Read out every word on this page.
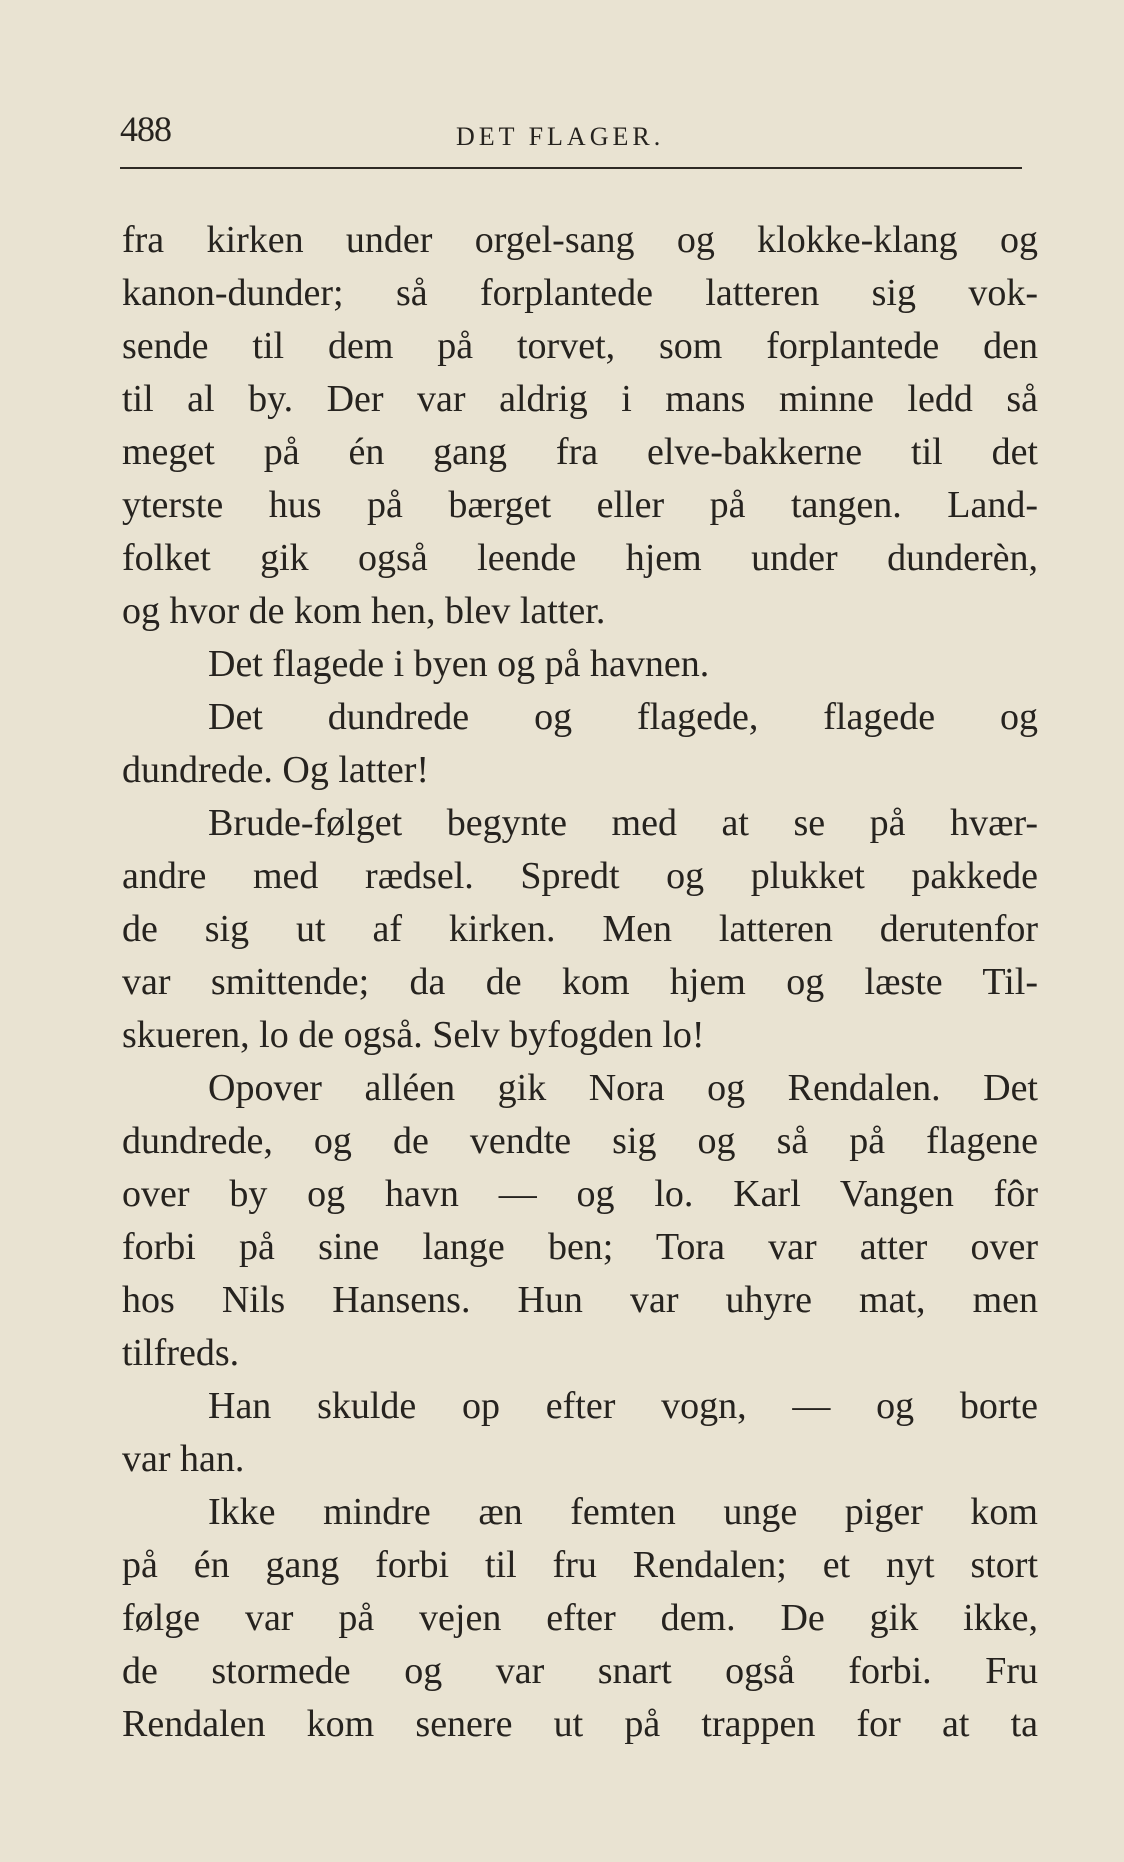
488	DET FLAGER.
fra kirken under orgel-sang og klokke-klang og
kanon-dunder; så forplantede latteren sig vok-
sende til dem på torvet, som forplantede den
til al by. Der var aldrig i mans minne ledd så
meget på én gang fra elve-bakkerne til det
yterste hus på bærget eller på tangen. Land-
folket gik også leende hjem under dunderèn,
og hvor de kom hen, blev latter.
Det flagede i byen og på havnen.
Det dundrede og flagede, flagede og
dundrede. Og latter!
Brude-følget begynte med at se på hvær-
andre med rædsel. Spredt og plukket pakkede
de sig ut af kirken. Men latteren derutenfor
var smittende; da de kom hjem og læste Til-
skueren, lo de også. Selv byfogden lo!
Opover alléen gik Nora og Rendalen. Det
dundrede, og de vendte sig og så på flagene
over by og havn — og lo. Karl Vangen fôr
forbi på sine lange ben; Tora var atter over
hos Nils Hansens. Hun var uhyre mat, men
tilfreds.
Han skulde op efter vogn, — og borte
var han.
Ikke mindre æn femten unge piger kom
på én gang forbi til fru Rendalen; et nyt stort
følge var på vejen efter dem. De gik ikke,
de stormede og var snart også forbi. Fru
Rendalen kom senere ut på trappen for at ta
